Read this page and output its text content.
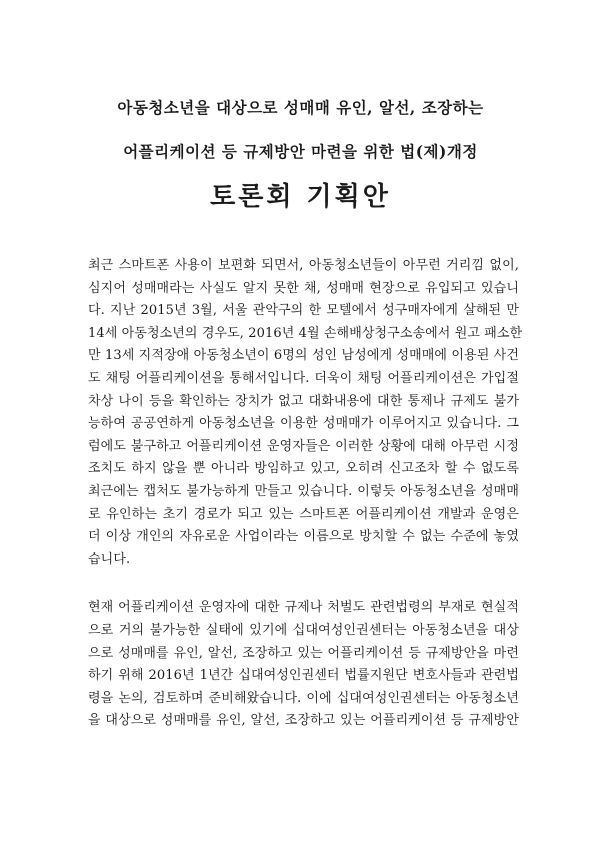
아동청소년을 대상으로 성매매 유인, 알선, 조장하는
어플리케이션 등 규제방안 마련을 위한 법(제)개정
토론회 기획안

최근 스마트폰 사용이 보편화 되면서, 아동청소년들이 아무런 거리낌 없이,
심지어 성매매라는 사실도 알지 못한 채, 성매매 현장으로 유입되고 있습니
다. 지난 2015년 3월, 서울 관악구의 한 모텔에서 성구매자에게 살해된 만
14세 아동청소년의 경우도, 2016년 4월 손해배상청구소송에서 원고 패소한
만 13세 지적장애 아동청소년이 6명의 성인 남성에게 성매매에 이용된 사건
도 채팅 어플리케이션을 통해서입니다. 더욱이 채팅 어플리케이션은 가입절
차상 나이 등을 확인하는 장치가 없고 대화내용에 대한 통제나 규제도 불가
능하여 공공연하게 아동청소년을 이용한 성매매가 이루어지고 있습니다. 그
럼에도 불구하고 어플리케이션 운영자들은 이러한 상황에 대해 아무런 시정
조치도 하지 않을 뿐 아니라 방임하고 있고, 오히려 신고조차 할 수 없도록
최근에는 캡처도 불가능하게 만들고 있습니다. 이렇듯 아동청소년을 성매매
로 유인하는 초기 경로가 되고 있는 스마트폰 어플리케이션 개발과 운영은
더 이상 개인의 자유로운 사업이라는 이름으로 방치할 수 없는 수준에 놓였
습니다.

현재 어플리케이션 운영자에 대한 규제나 처벌도 관련법령의 부재로 현실적
으로 거의 불가능한 실태에 있기에 십대여성인권센터는 아동청소년을 대상
으로 성매매를 유인, 알선, 조장하고 있는 어플리케이션 등 규제방안을 마련
하기 위해 2016년 1년간 십대여성인권센터 법률지원단 변호사들과 관련법
령을 논의, 검토하며 준비해왔습니다. 이에 십대여성인권센터는 아동청소년
을 대상으로 성매매를 유인, 알선, 조장하고 있는 어플리케이션 등 규제방안
